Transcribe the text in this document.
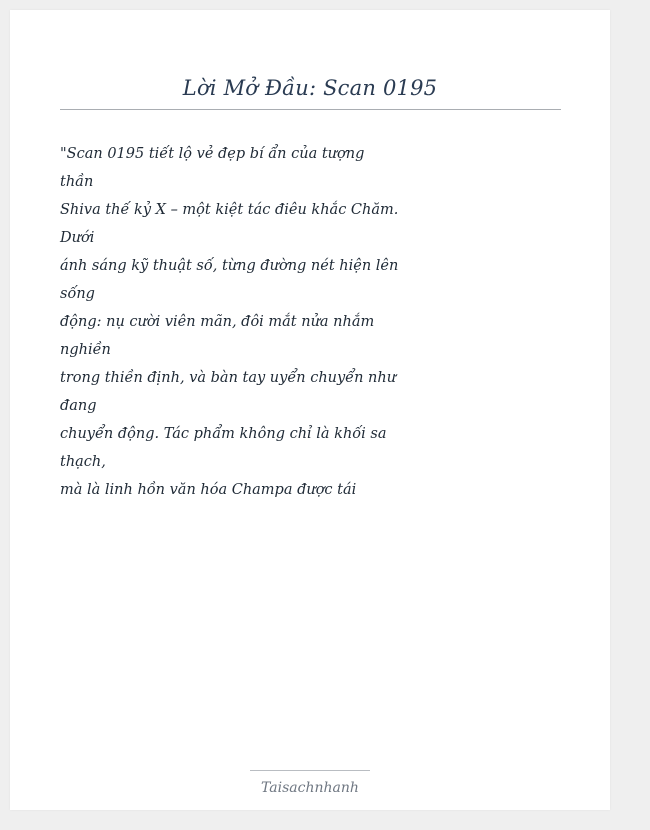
Lời Mở Đầu: Scan 0195
"Scan 0195 tiết lộ vẻ đẹp bí ẩn của tượng
thần
Shiva thế kỷ X – một kiệt tác điêu khắc Chăm.
Dưới
ánh sáng kỹ thuật số, từng đường nét hiện lên
sống
động: nụ cười viên mãn, đôi mắt nửa nhắm
nghiền
trong thiền định, và bàn tay uyển chuyển như
đang
chuyển động. Tác phẩm không chỉ là khối sa
thạch,
mà là linh hồn văn hóa Champa được tái
Taisachnhanh
